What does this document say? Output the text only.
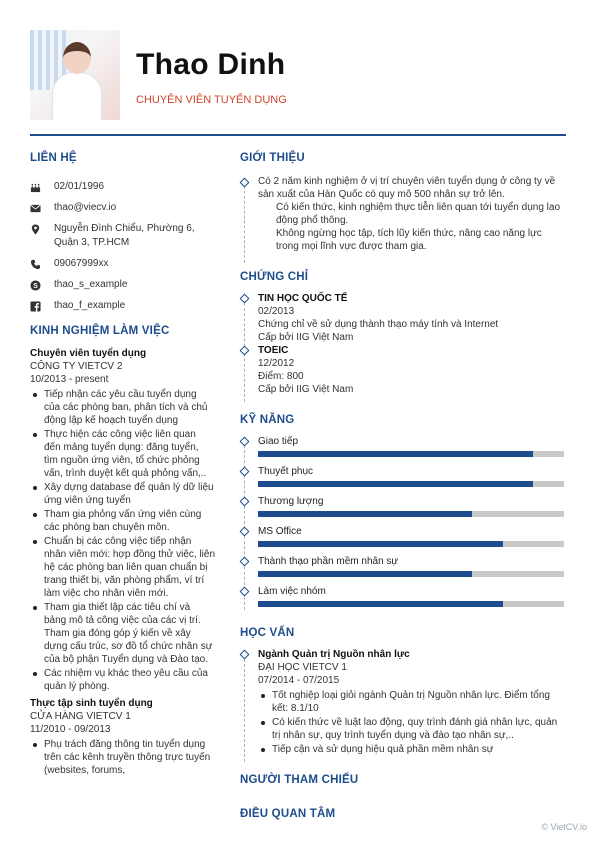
Thao Dinh
CHUYÊN VIÊN TUYỂN DỤNG
LIÊN HỆ
02/01/1996
thao@viecv.io
Nguyễn Đình Chiểu, Phường 6, Quận 3, TP.HCM
09067999xx
S thao_s_example
thao_f_example
KINH NGHIỆM LÀM VIỆC
Chuyên viên tuyển dụng
CÔNG TY VIETCV 2
10/2013 - present
Tiếp nhận các yêu cầu tuyển dụng của các phòng ban, phân tích và chủ động lập kế hoạch tuyển dụng
Thực hiện các công việc liên quan đến mảng tuyển dụng: đăng tuyển, tìm nguồn ứng viên, tổ chức phỏng vấn, trình duyệt kết quả phỏng vấn,..
Xây dựng database để quản lý dữ liệu ứng viên ứng tuyển
Tham gia phỏng vấn ứng viên cùng các phòng ban chuyên môn.
Chuẩn bị các công việc tiếp nhận nhân viên mới: hợp đồng thử việc, liên hệ các phòng ban liên quan chuẩn bị trang thiết bị, văn phòng phẩm, ví trí làm việc cho nhân viên mới.
Tham gia thiết lập các tiêu chí và bảng mô tả công việc của các vị trí. Tham gia đóng góp ý kiến về xây dựng cấu trúc, sơ đồ tổ chức nhân sự của bộ phận Tuyển dụng và Đào tạo.
Các nhiệm vụ khác theo yêu cầu của quản lý phòng.
Thực tập sinh tuyển dụng
CỬA HÀNG VIETCV 1
11/2010 - 09/2013
Phụ trách đăng thông tin tuyển dụng trên các kênh truyền thông trực tuyến (websites, forums,
GIỚI THIỆU
Có 2 năm kinh nghiệm ở vị trí chuyên viên tuyển dụng ở công ty về sản xuất của Hàn Quốc có quy mô 500 nhân sự trở lên.
Có kiến thức, kinh nghiệm thực tiễn liên quan tới tuyển dụng lao động phổ thông.
Không ngừng học tập, tích lũy kiến thức, nâng cao năng lực trong mọi lĩnh vực được tham gia.
CHỨNG CHỈ
TIN HỌC QUỐC TẾ
02/2013
Chứng chỉ về sử dụng thành thạo máy tính và Internet
Cấp bởi IIG Việt Nam
TOEIC
12/2012
Điểm: 800
Cấp bởi IIG Việt Nam
KỸ NĂNG
Giao tiếp
Thuyết phục
Thương lượng
MS Office
Thành thạo phần mềm nhân sự
Làm việc nhóm
HỌC VẤN
Ngành Quản trị Nguồn nhân lực
ĐẠI HỌC VIETCV 1
07/2014 - 07/2015
Tốt nghiệp loại giỏi ngành Quản trị Nguồn nhân lực. Điểm tổng kết: 8.1/10
Có kiến thức về luật lao động, quy trình đánh giá nhân lực, quản trị nhân sự, quy trình tuyển dụng và đào tạo nhân sự,..
Tiếp cận và sử dụng hiệu quả phần mềm nhân sự
NGƯỜI THAM CHIẾU
ĐIỀU QUAN TÂM
© VietCV.io
